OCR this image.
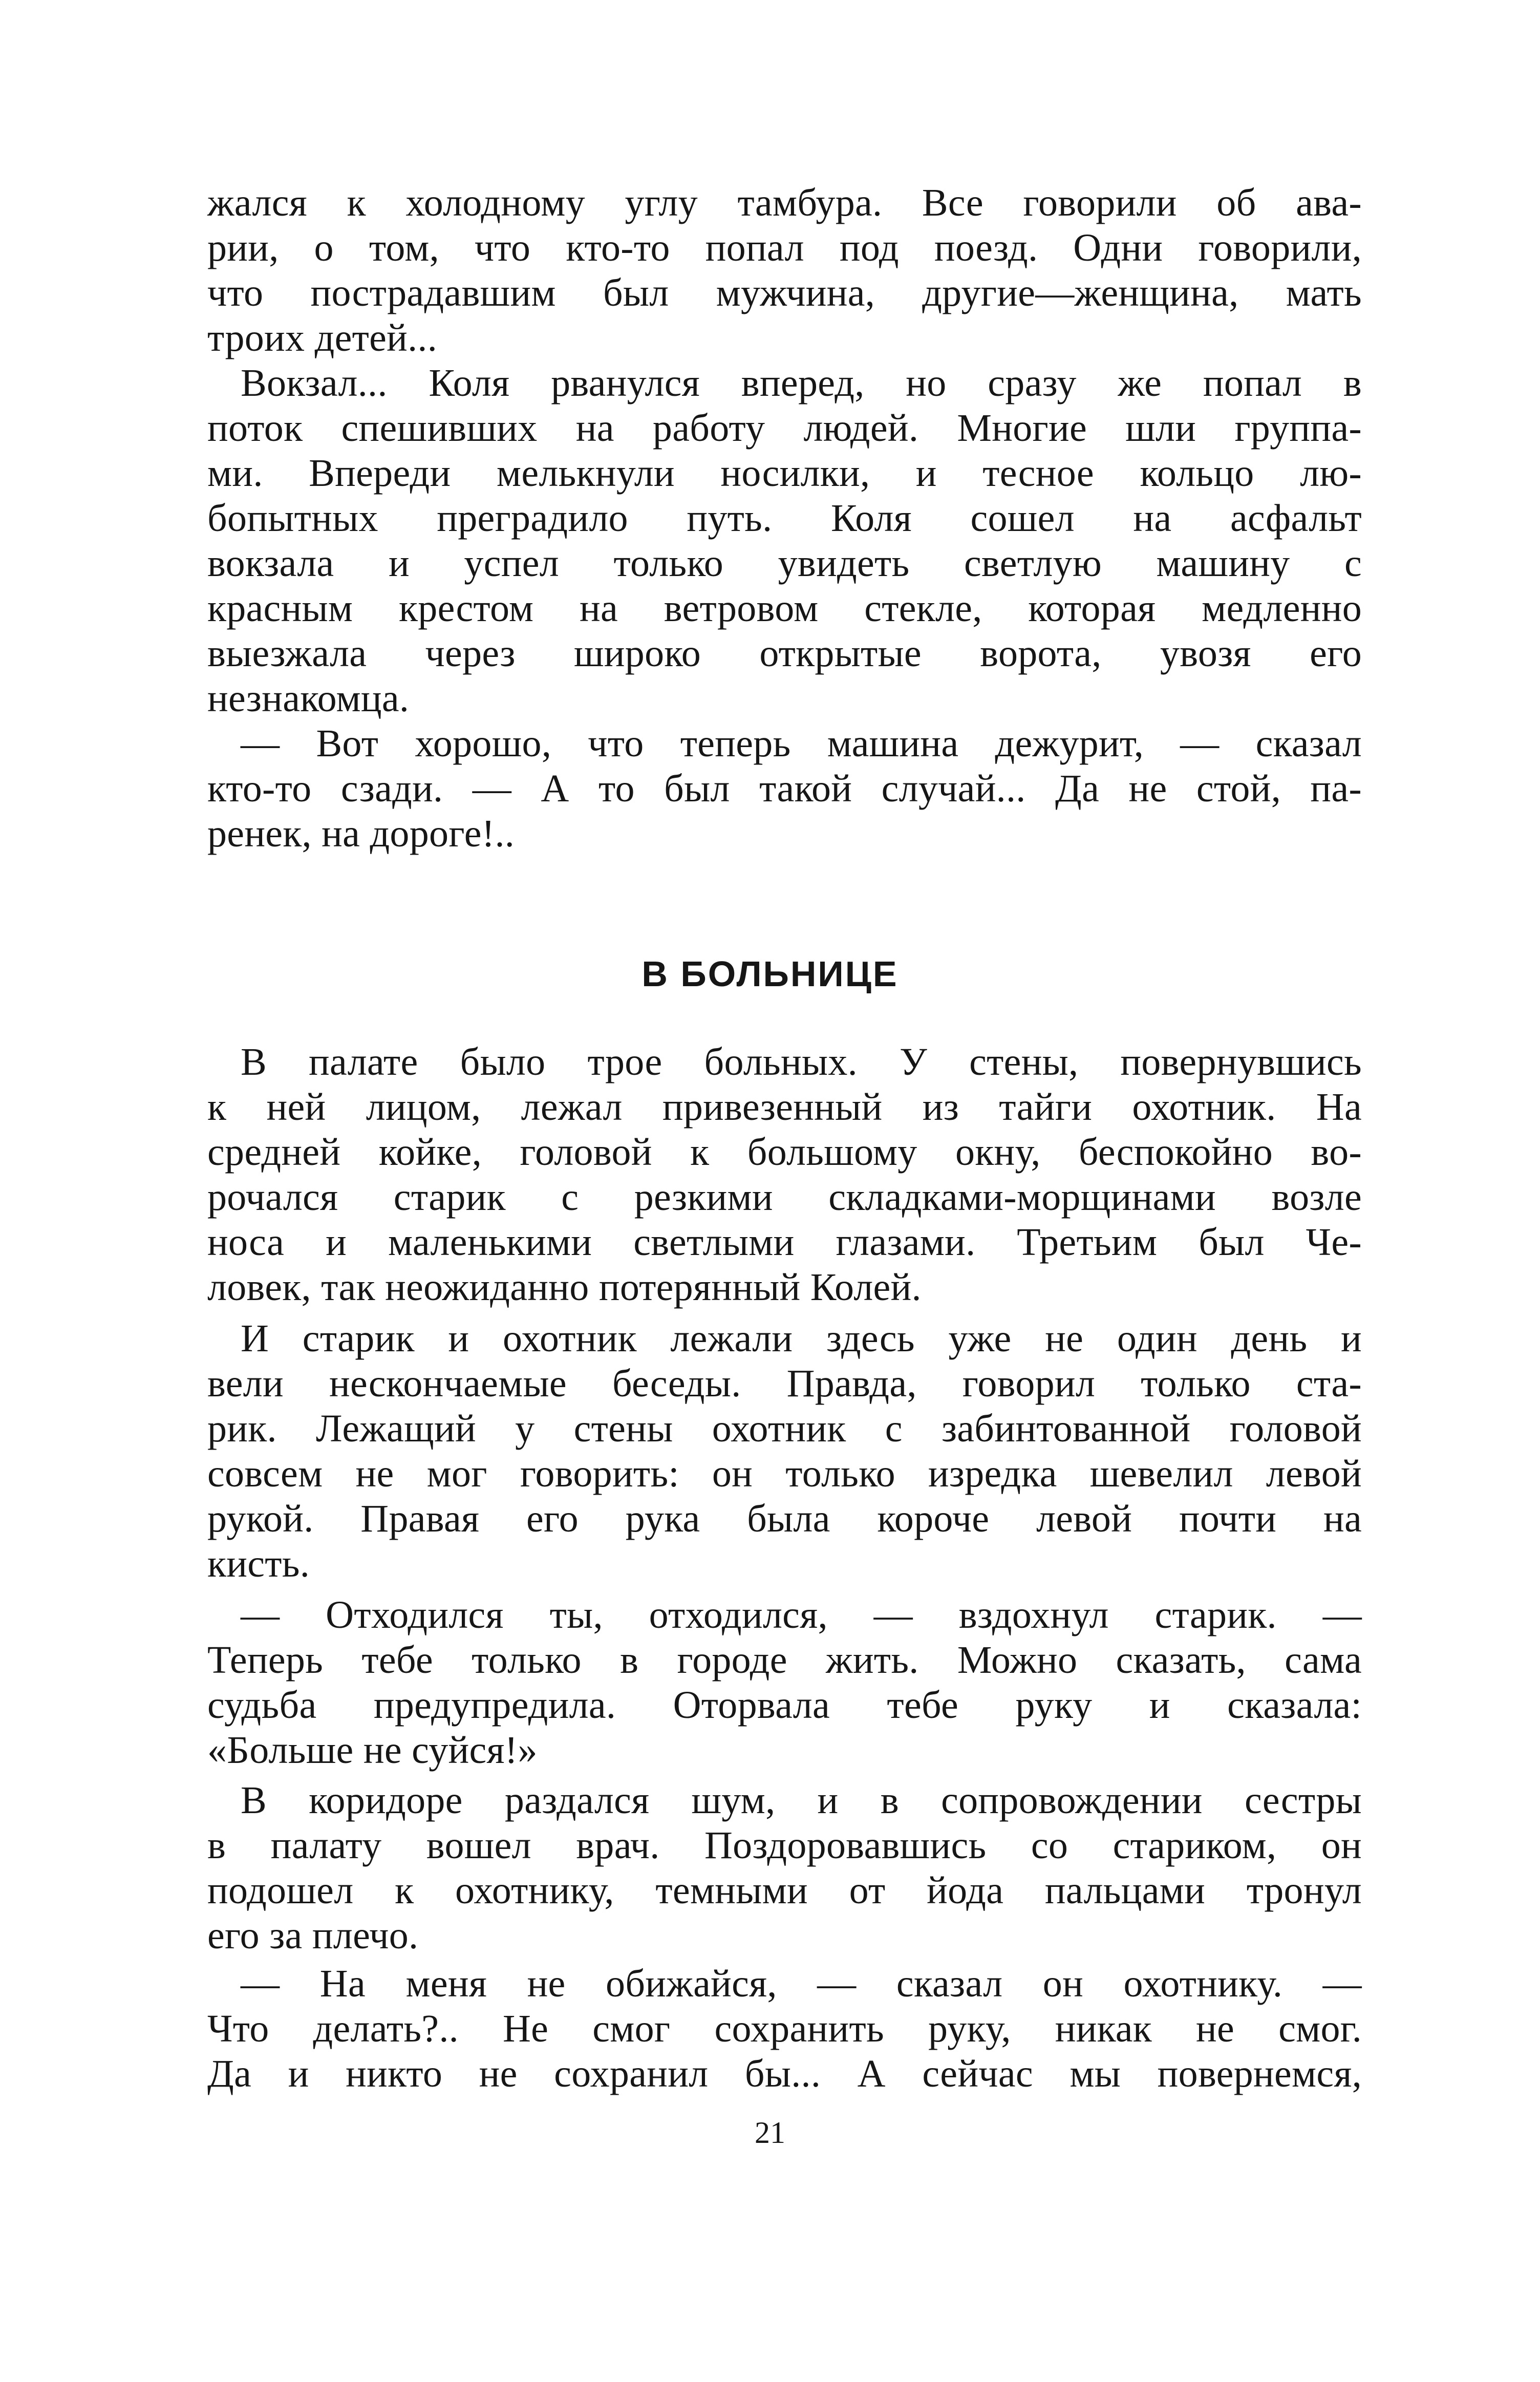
жался к холодному углу тамбура. Все говорили об ава-
рии, о том, что кто-то попал под поезд. Одни говорили,
что пострадавшим был мужчина, другие—женщина, мать
троих детей...
Вокзал... Коля рванулся вперед, но сразу же попал в
поток спешивших на работу людей. Многие шли группа-
ми. Впереди мелькнули носилки, и тесное кольцо лю-
бопытных преградило путь. Коля сошел на асфальт
вокзала и успел только увидеть светлую машину с
красным крестом на ветровом стекле, которая медленно
выезжала через широко открытые ворота, увозя его
незнакомца.
— Вот хорошо, что теперь машина дежурит, — сказал
кто-то сзади. — А то был такой случай... Да не стой, па-
ренек, на дороге!..
В БОЛЬНИЦЕ
В палате было трое больных. У стены, повернувшись
к ней лицом, лежал привезенный из тайги охотник. На
средней койке, головой к большому окну, беспокойно во-
рочался старик с резкими складками-морщинами возле
носа и маленькими светлыми глазами. Третьим был Че-
ловек, так неожиданно потерянный Колей.
И старик и охотник лежали здесь уже не один день и
вели нескончаемые беседы. Правда, говорил только ста-
рик. Лежащий у стены охотник с забинтованной головой
совсем не мог говорить: он только изредка шевелил левой
рукой. Правая его рука была короче левой почти на
кисть.
— Отходился ты, отходился, — вздохнул старик. —
Теперь тебе только в городе жить. Можно сказать, сама
судьба предупредила. Оторвала тебе руку и сказала:
«Больше не суйся!»
В коридоре раздался шум, и в сопровождении сестры
в палату вошел врач. Поздоровавшись со стариком, он
подошел к охотнику, темными от йода пальцами тронул
его за плечо.
— На меня не обижайся, — сказал он охотнику. —
Что делать?.. Не смог сохранить руку, никак не смог.
Да и никто не сохранил бы... А сейчас мы повернемся,
21
